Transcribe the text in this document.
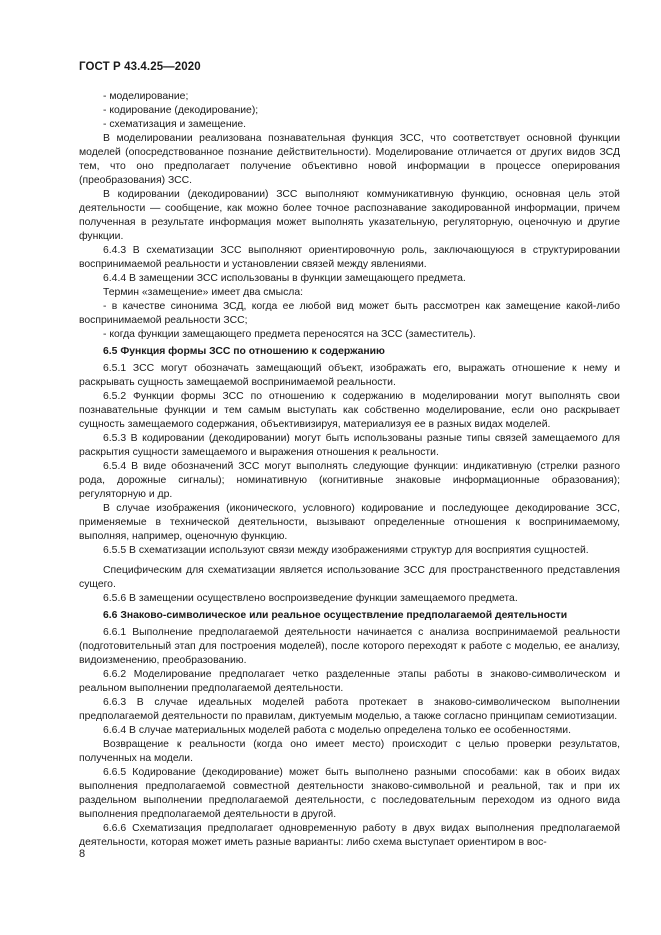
ГОСТ Р 43.4.25—2020

- моделирование;

- кодирование (декодирование);

- схематизация и замещение.

В моделировании реализована познавательная функция ЗСС, что соответствует основной функции моделей (опосредствованное познание действительности). Моделирование отличается от других видов ЗСД тем, что оно предполагает получение объективно новой информации в процессе оперирования (преобразования) ЗСС.

В кодировании (декодировании) ЗСС выполняют коммуникативную функцию, основная цель этой деятельности — сообщение, как можно более точное распознавание закодированной информации, причем полученная в результате информация может выполнять указательную, регуляторную, оценочную и другие функции.

6.4.3 В схематизации ЗСС выполняют ориентировочную роль, заключающуюся в структурировании воспринимаемой реальности и установлении связей между явлениями.

6.4.4 В замещении ЗСС использованы в функции замещающего предмета.

Термин «замещение» имеет два смысла:

- в качестве синонима ЗСД, когда ее любой вид может быть рассмотрен как замещение какой-либо воспринимаемой реальности ЗСС;

- когда функции замещающего предмета переносятся на ЗСС (заместитель).

6.5 Функция формы ЗСС по отношению к содержанию

6.5.1 ЗСС могут обозначать замещающий объект, изображать его, выражать отношение к нему и раскрывать сущность замещаемой воспринимаемой реальности.

6.5.2 Функции формы ЗСС по отношению к содержанию в моделировании могут выполнять свои познавательные функции и тем самым выступать как собственно моделирование, если оно раскрывает сущность замещаемого содержания, объективизируя, материализуя ее в разных видах моделей.

6.5.3 В кодировании (декодировании) могут быть использованы разные типы связей замещаемого для раскрытия сущности замещаемого и выражения отношения к реальности.

6.5.4 В виде обозначений ЗСС могут выполнять следующие функции: индикативную (стрелки разного рода, дорожные сигналы); номинативную (когнитивные знаковые информационные образования); регуляторную и др.

В случае изображения (иконического, условного) кодирование и последующее декодирование ЗСС, применяемые в технической деятельности, вызывают определенные отношения к воспринимаемому, выполняя, например, оценочную функцию.

6.5.5 В схематизации используют связи между изображениями структур для восприятия сущностей.

Специфическим для схематизации является использование ЗСС для пространственного представления сущего.

6.5.6 В замещении осуществлено воспроизведение функции замещаемого предмета.

6.6 Знаково-символическое или реальное осуществление предполагаемой деятельности

6.6.1 Выполнение предполагаемой деятельности начинается с анализа воспринимаемой реальности (подготовительный этап для построения моделей), после которого переходят к работе с моделью, ее анализу, видоизменению, преобразованию.

6.6.2 Моделирование предполагает четко разделенные этапы работы в знаково-символическом и реальном выполнении предполагаемой деятельности.

6.6.3 В случае идеальных моделей работа протекает в знаково-символическом выполнении предполагаемой деятельности по правилам, диктуемым моделью, а также согласно принципам семиотизации.

6.6.4 В случае материальных моделей работа с моделью определена только ее особенностями.

Возвращение к реальности (когда оно имеет место) происходит с целью проверки результатов, полученных на модели.

6.6.5 Кодирование (декодирование) может быть выполнено разными способами: как в обоих видах выполнения предполагаемой совместной деятельности знаково-символьной и реальной, так и при их раздельном выполнении предполагаемой деятельности, с последовательным переходом из одного вида выполнения предполагаемой деятельности в другой.

6.6.6 Схематизация предполагает одновременную работу в двух видах выполнения предполагаемой деятельности, которая может иметь разные варианты: либо схема выступает ориентиром в вос-

8
